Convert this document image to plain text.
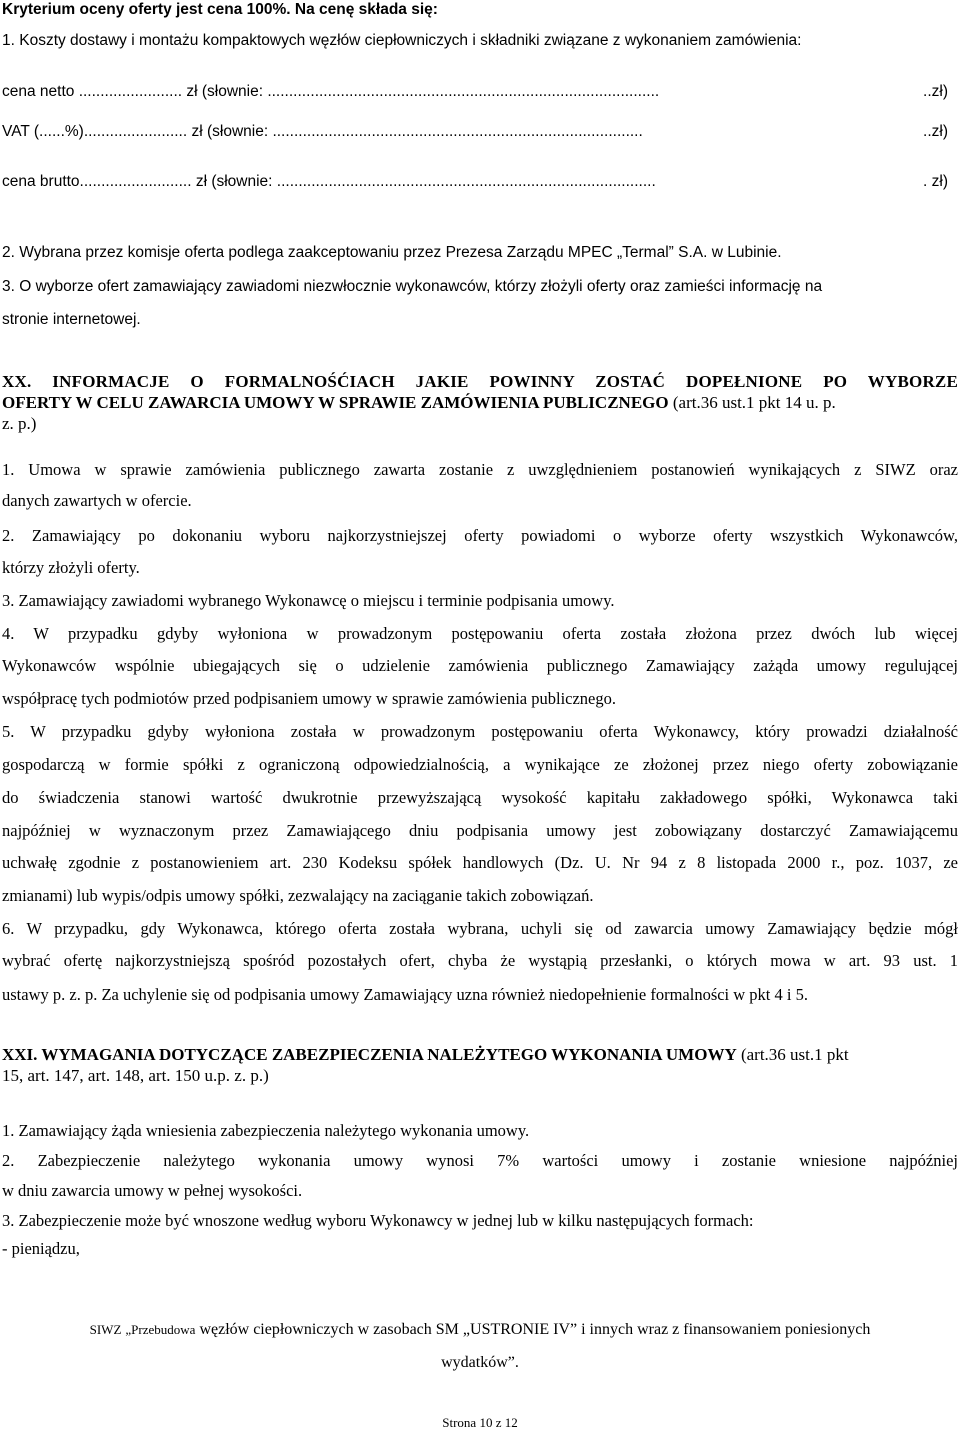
Kryterium oceny oferty jest cena 100%. Na cenę składa się:
1. Koszty dostawy i montażu kompaktowych węzłów ciepłowniczych i składniki związane z wykonaniem zamówienia:
cena netto ........................ zł (słownie: ...........................................................................................	..zł)
VAT (......%)........................ zł (słownie: ......................................................................................	..zł)
cena brutto.......................... zł (słownie: ........................................................................................	. zł)
2. Wybrana przez komisje oferta podlega zaakceptowaniu przez Prezesa Zarządu MPEC „Termal” S.A. w Lubinie.
3. O wyborze ofert zamawiający zawiadomi niezwłocznie wykonawców, którzy złożyli oferty oraz zamieści informację na
stronie internetowej.
XX. INFORMACJE O FORMALNOŚĆIACH JAKIE POWINNY ZOSTAĆ DOPEŁNIONE PO WYBORZE
OFERTY W CELU ZAWARCIA UMOWY W SPRAWIE ZAMÓWIENIA PUBLICZNEGO (art.36 ust.1 pkt 14 u. p.
z. p.)
1. Umowa w sprawie zamówienia publicznego zawarta zostanie z uwzględnieniem postanowień wynikających z SIWZ oraz
danych zawartych w ofercie.
2. Zamawiający po dokonaniu wyboru najkorzystniejszej oferty powiadomi o wyborze oferty wszystkich Wykonawców,
którzy złożyli oferty.
3. Zamawiający zawiadomi wybranego Wykonawcę o miejscu i terminie podpisania umowy.
4. W przypadku gdyby wyłoniona w prowadzonym postępowaniu oferta została złożona przez dwóch lub więcej
Wykonawców wspólnie ubiegających się o udzielenie zamówienia publicznego Zamawiający zażąda umowy regulującej
współpracę tych podmiotów przed podpisaniem umowy w sprawie zamówienia publicznego.
5. W przypadku gdyby wyłoniona została w prowadzonym postępowaniu oferta Wykonawcy, który prowadzi działalność
gospodarczą w formie spółki z ograniczoną odpowiedzialnością, a wynikające ze złożonej przez niego oferty zobowiązanie
do świadczenia stanowi wartość dwukrotnie przewyższającą wysokość kapitału zakładowego spółki, Wykonawca taki
najpóźniej w wyznaczonym przez Zamawiającego dniu podpisania umowy jest zobowiązany dostarczyć Zamawiającemu
uchwałę zgodnie z postanowieniem art. 230 Kodeksu spółek handlowych (Dz. U. Nr 94 z 8 listopada 2000 r., poz. 1037, ze
zmianami) lub wypis/odpis umowy spółki, zezwalający na zaciąganie takich zobowiązań.
6. W przypadku, gdy Wykonawca, którego oferta została wybrana, uchyli się od zawarcia umowy Zamawiający będzie mógł
wybrać ofertę najkorzystniejszą spośród pozostałych ofert, chyba że wystąpią przesłanki, o których mowa w art. 93 ust. 1
ustawy p. z. p. Za uchylenie się od podpisania umowy Zamawiający uzna również niedopełnienie formalności w pkt 4 i 5.
XXI. WYMAGANIA DOTYCZĄCE ZABEZPIECZENIA NALEŻYTEGO WYKONANIA UMOWY (art.36 ust.1 pkt
15, art. 147, art. 148, art. 150 u.p. z. p.)
1. Zamawiający żąda wniesienia zabezpieczenia należytego wykonania umowy.
2. Zabezpieczenie należytego wykonania umowy wynosi 7% wartości umowy i zostanie wniesione najpóźniej
w dniu zawarcia umowy w pełnej wysokości.
3. Zabezpieczenie może być wnoszone według wyboru Wykonawcy w jednej lub w kilku następujących formach:
- pieniądzu,
SIWZ „Przebudowa węzłów ciepłowniczych w zasobach SM „USTRONIE IV” i innych wraz z finansowaniem poniesionych
wydatków”.
Strona 10 z 12
